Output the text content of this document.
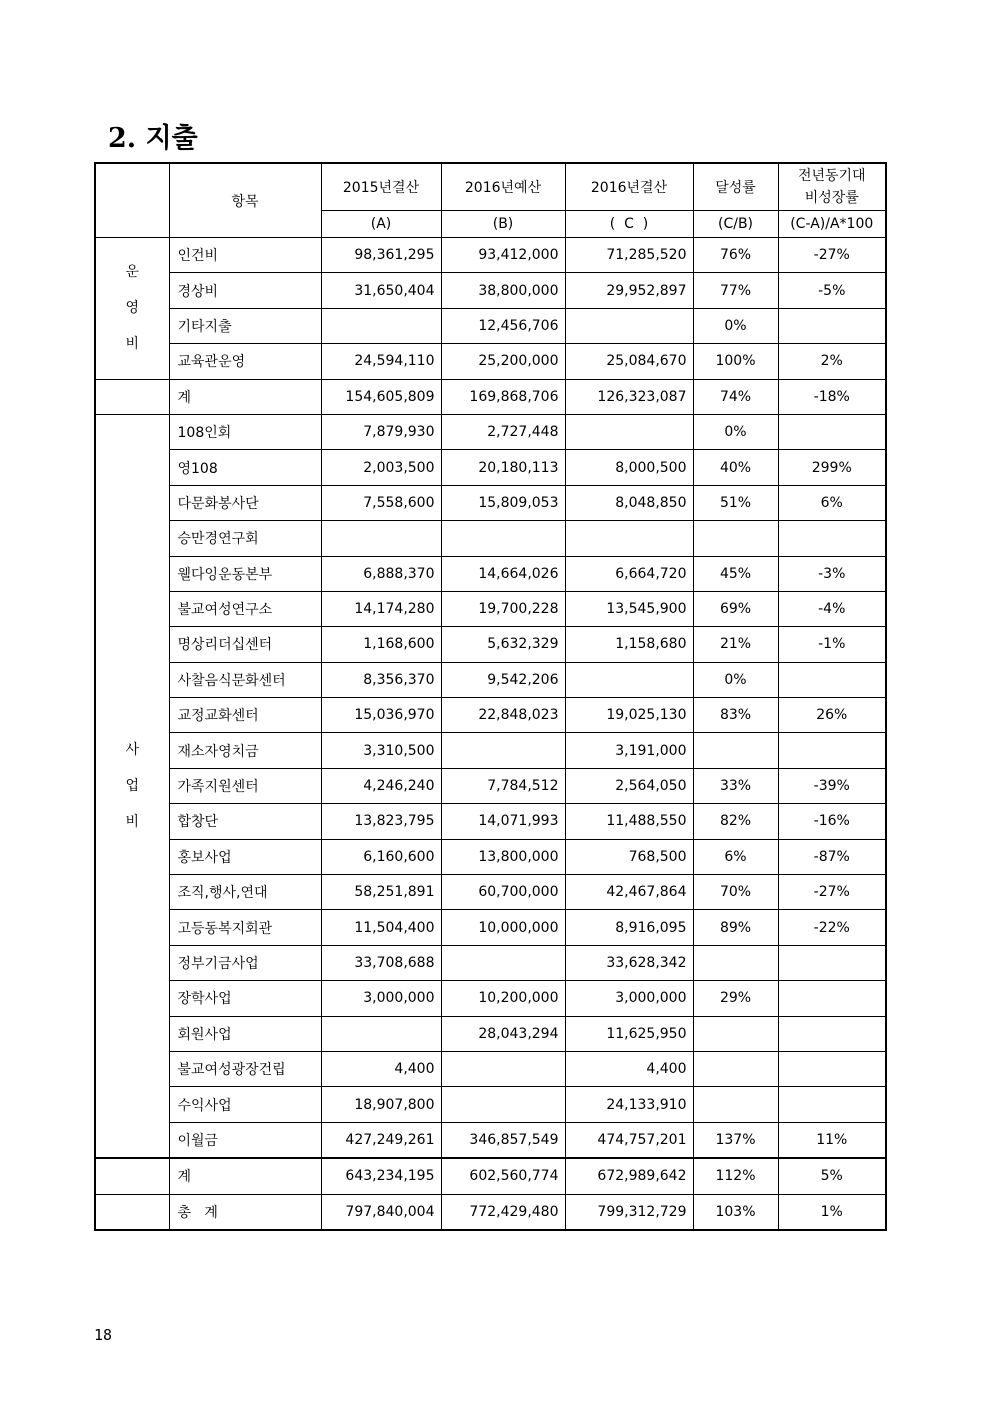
2. 지출
	항목	2015년결산	2016년예산	2016년결산	달성률	전년동기대
비성장률

		(A)	(B)	(  C  )	(C/B)	(C-A)/A*100

운
영
비	인건비	98,361,295	93,412,000	71,285,520	76%	-27%
	경상비	31,650,404	38,800,000	29,952,897	77%	-5%
	기타지출		12,456,706		0%	
	교육관운영	24,594,110	25,200,000	25,084,670	100%	2%
	계	154,605,809	169,868,706	126,323,087	74%	-18%

사
업
비	108인회	7,879,930	2,727,448		0%	
	영108	2,003,500	20,180,113	8,000,500	40%	299%
	다문화봉사단	7,558,600	15,809,053	8,048,850	51%	6%
	승만경연구회					
	웰다잉운동본부	6,888,370	14,664,026	6,664,720	45%	-3%
	불교여성연구소	14,174,280	19,700,228	13,545,900	69%	-4%
	명상리더십센터	1,168,600	5,632,329	1,158,680	21%	-1%
	사찰음식문화센터	8,356,370	9,542,206		0%	
	교정교화센터	15,036,970	22,848,023	19,025,130	83%	26%
	재소자영치금	3,310,500		3,191,000		
	가족지원센터	4,246,240	7,784,512	2,564,050	33%	-39%
	합창단	13,823,795	14,071,993	11,488,550	82%	-16%
	홍보사업	6,160,600	13,800,000	768,500	6%	-87%
	조직,행사,연대	58,251,891	60,700,000	42,467,864	70%	-27%
	고등동복지회관	11,504,400	10,000,000	8,916,095	89%	-22%
	정부기금사업	33,708,688		33,628,342		
	장학사업	3,000,000	10,200,000	3,000,000	29%	
	회원사업		28,043,294	11,625,950		
	불교여성광장건립	4,400		4,400		
	수익사업	18,907,800		24,133,910		
	이월금	427,249,261	346,857,549	474,757,201	137%	11%
	계	643,234,195	602,560,774	672,989,642	112%	5%
	총   계	797,840,004	772,429,480	799,312,729	103%	1%
18
